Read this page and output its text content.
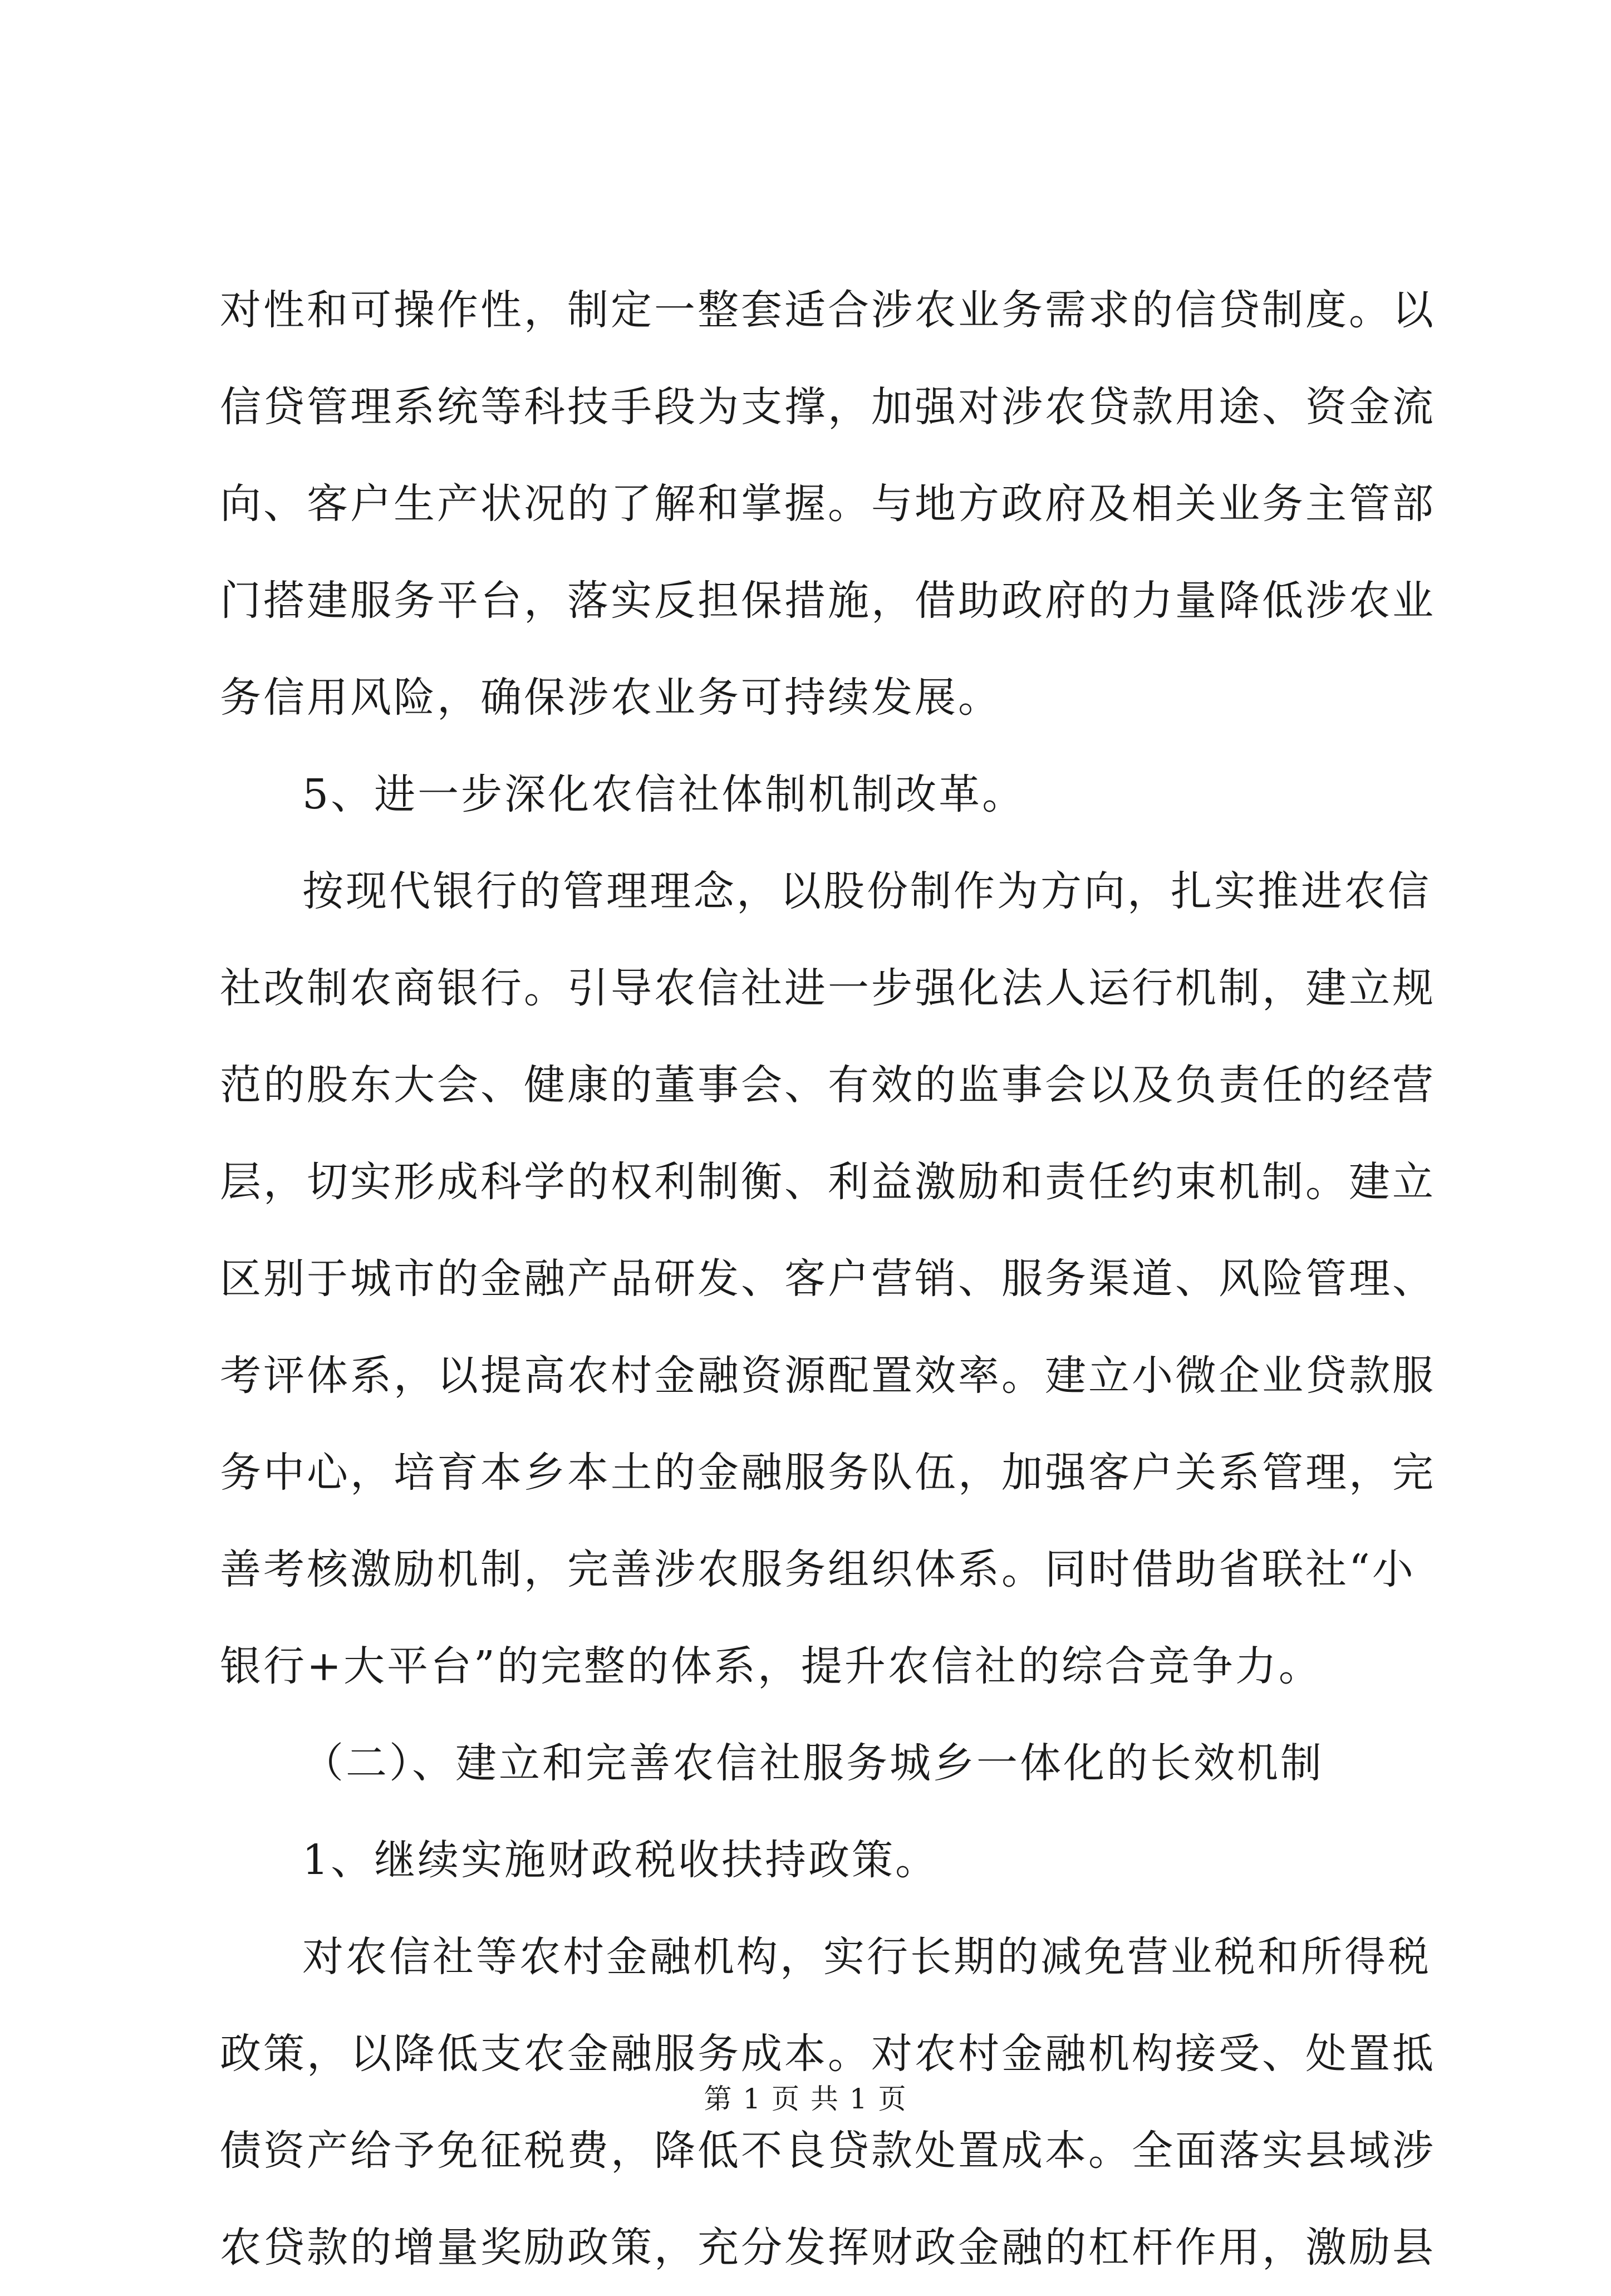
对性和可操作性，制定一整套适合涉农业务需求的信贷制度。以
信贷管理系统等科技手段为支撑，加强对涉农贷款用途、资金流
向、客户生产状况的了解和掌握。与地方政府及相关业务主管部
门搭建服务平台，落实反担保措施，借助政府的力量降低涉农业
务信用风险，确保涉农业务可持续发展。
5、进一步深化农信社体制机制改革。
按现代银行的管理理念，以股份制作为方向，扎实推进农信
社改制农商银行。引导农信社进一步强化法人运行机制，建立规
范的股东大会、健康的董事会、有效的监事会以及负责任的经营
层，切实形成科学的权利制衡、利益激励和责任约束机制。建立
区别于城市的金融产品研发、客户营销、服务渠道、风险管理、
考评体系，以提高农村金融资源配置效率。建立小微企业贷款服
务中心，培育本乡本土的金融服务队伍，加强客户关系管理，完
善考核激励机制，完善涉农服务组织体系。同时借助省联社“小
银行+大平台”的完整的体系，提升农信社的综合竞争力。
（二）、建立和完善农信社服务城乡一体化的长效机制
1、继续实施财政税收扶持政策。
对农信社等农村金融机构，实行长期的减免营业税和所得税
政策，以降低支农金融服务成本。对农村金融机构接受、处置抵
债资产给予免征税费，降低不良贷款处置成本。全面落实县域涉
农贷款的增量奖励政策，充分发挥财政金融的杠杆作用，激励县
第 1 页 共 1 页
